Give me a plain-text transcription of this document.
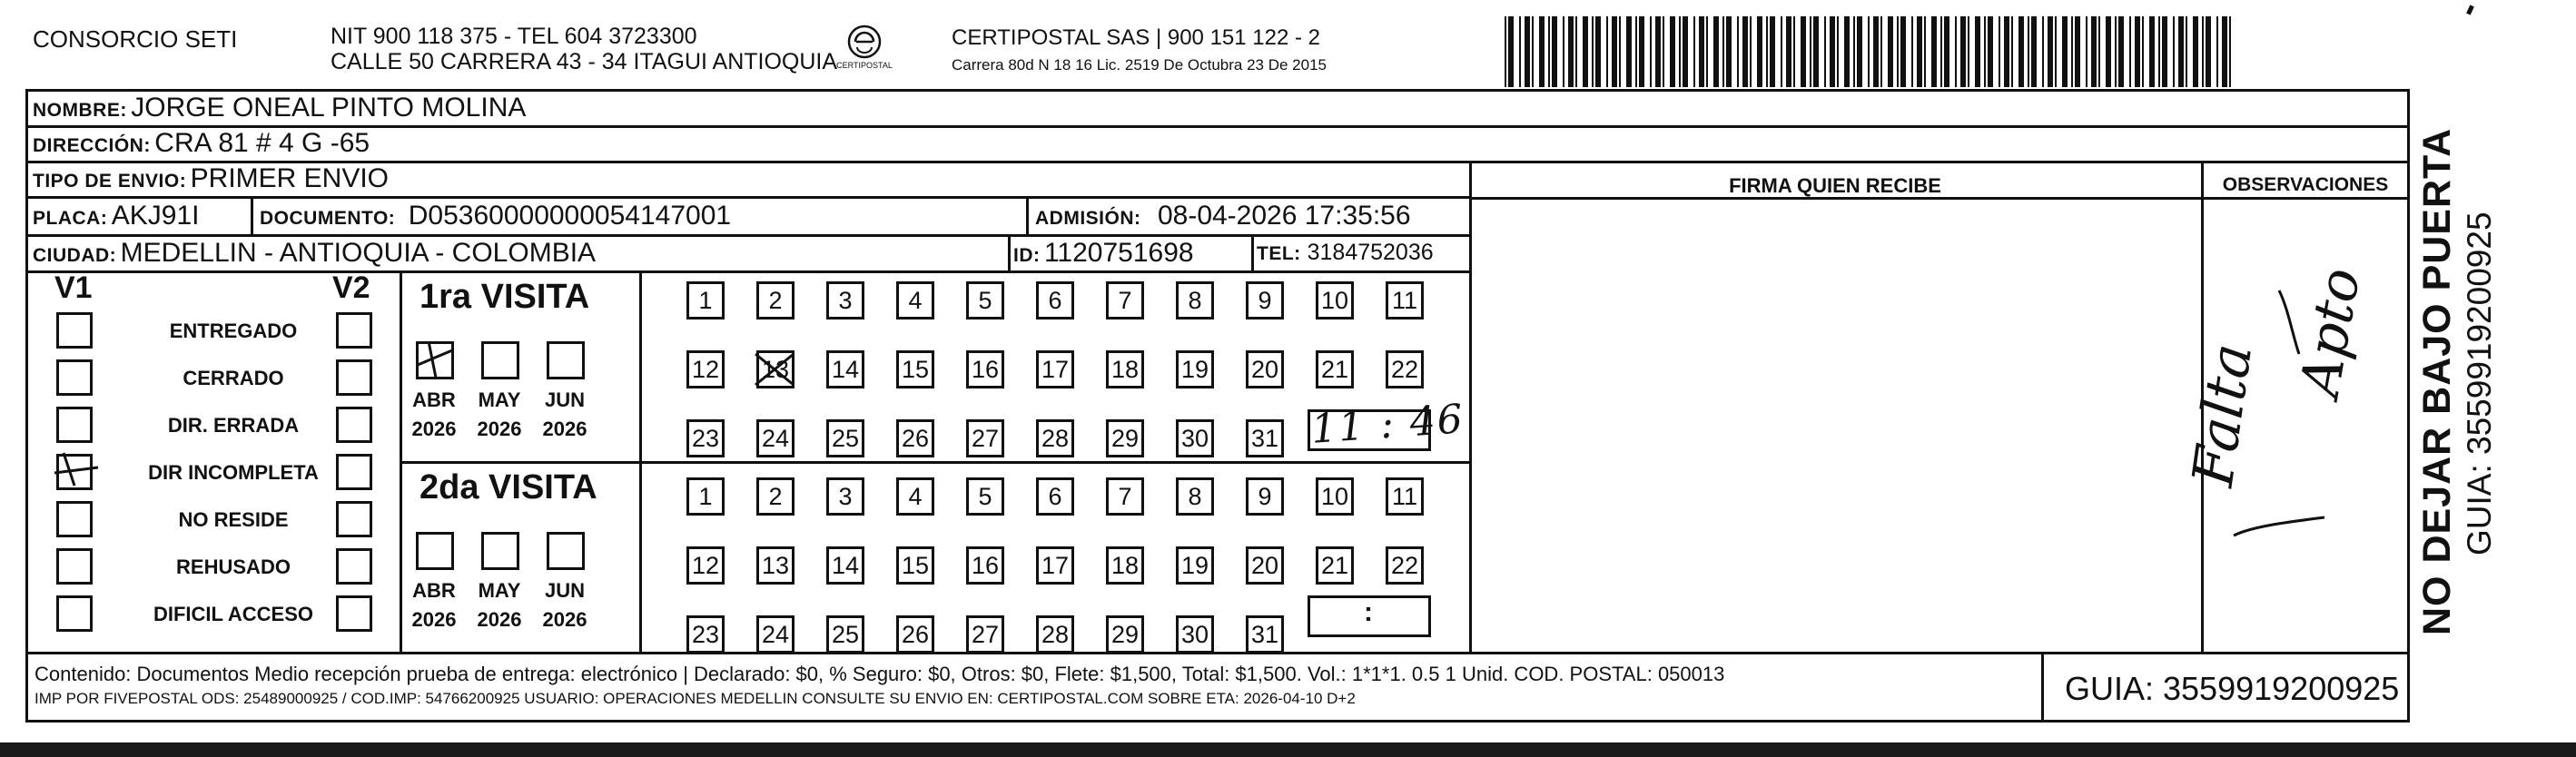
CONSORCIO SETI	NIT 900 118 375 - TEL 604 3723300
CALLE 50 CARRERA 43 - 34 ITAGUI ANTIOQUIA CERTIPOSTAL
CERTIPOSTAL SAS | 900 151 122 - 2
Carrera 80d N 18 16 Lic. 2519 De Octubra 23 De 2015
NOMBRE: JORGE ONEAL PINTO MOLINA
DIRECCIÓN: CRA 81 # 4 G -65
TIPO DE ENVIO: PRIMER ENVIO
PLACA: AKJ91I	DOCUMENTO: D05360000000054147001	ADMISIÓN: 08-04-2026 17:35:56
CIUDAD: MEDELLIN - ANTIOQUIA - COLOMBIA	ID: 1120751698	TEL: 3184752036
V1	V2
ENTREGADO
CERRADO
DIR. ERRADA
DIR INCOMPLETA
NO RESIDE
REHUSADO
DIFICIL ACCESO
1ra VISITA
ABR
2026
MAY
2026
JUN
2026
1	2	3	4	5	6	7	8	9	10 11
12 13 14 15 16 17 18 19 20 21 22
23 24 25 26 27 28 29 30 31 11 : 46
2da VISITA
ABR
2026
MAY
2026
JUN
2026
1	2	3	4	5	6	7	8	9	10 11
12 13 14 15 16 17 18 19 20 21 22
23 24 25 26 27 28 29 30 31
:
FIRMA QUIEN RECIBE	OBSERVACIONES
Falta
Apto NO DEJAR BAJO PUERTA GUIA: 3559919200925
Contenido: Documentos Medio recepción prueba de entrega: electrónico | Declarado: $0, % Seguro: $0, Otros: $0, Flete: $1,500, Total: $1,500. Vol.: 1*1*1. 0.5 1 Unid. COD. POSTAL: 050013
IMP POR FIVEPOSTAL ODS: 25489000925 / COD.IMP: 54766200925 USUARIO: OPERACIONES MEDELLIN CONSULTE SU ENVIO EN: CERTIPOSTAL.COM SOBRE ETA: 2026-04-10 D+2	GUIA: 3559919200925
